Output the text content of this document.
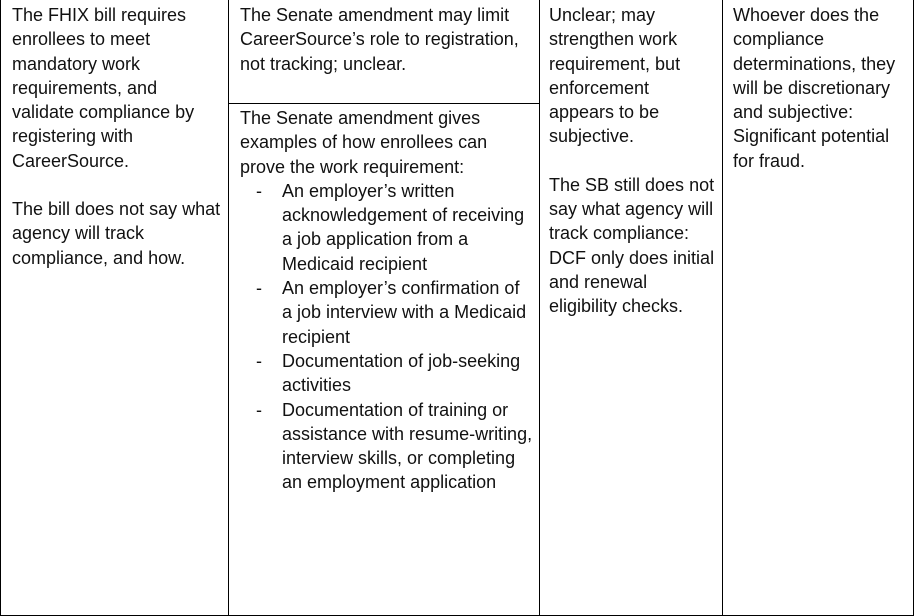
The FHIX bill requires enrollees to meet mandatory work requirements, and validate compliance by registering with CareerSource.

The bill does not say what agency will track compliance, and how.

The Senate amendment may limit CareerSource’s role to registration, not tracking; unclear.

The Senate amendment gives examples of how enrollees can prove the work requirement:

- An employer’s written acknowledgement of receiving a job application from a Medicaid recipient
- An employer’s confirmation of a job interview with a Medicaid recipient
- Documentation of job-seeking activities
- Documentation of training or assistance with resume-writing, interview skills, or completing an employment application

Unclear; may strengthen work requirement, but enforcement appears to be subjective.

The SB still does not say what agency will track compliance: DCF only does initial and renewal eligibility checks.

Whoever does the compliance determinations, they will be discretionary and subjective: Significant potential for fraud.
